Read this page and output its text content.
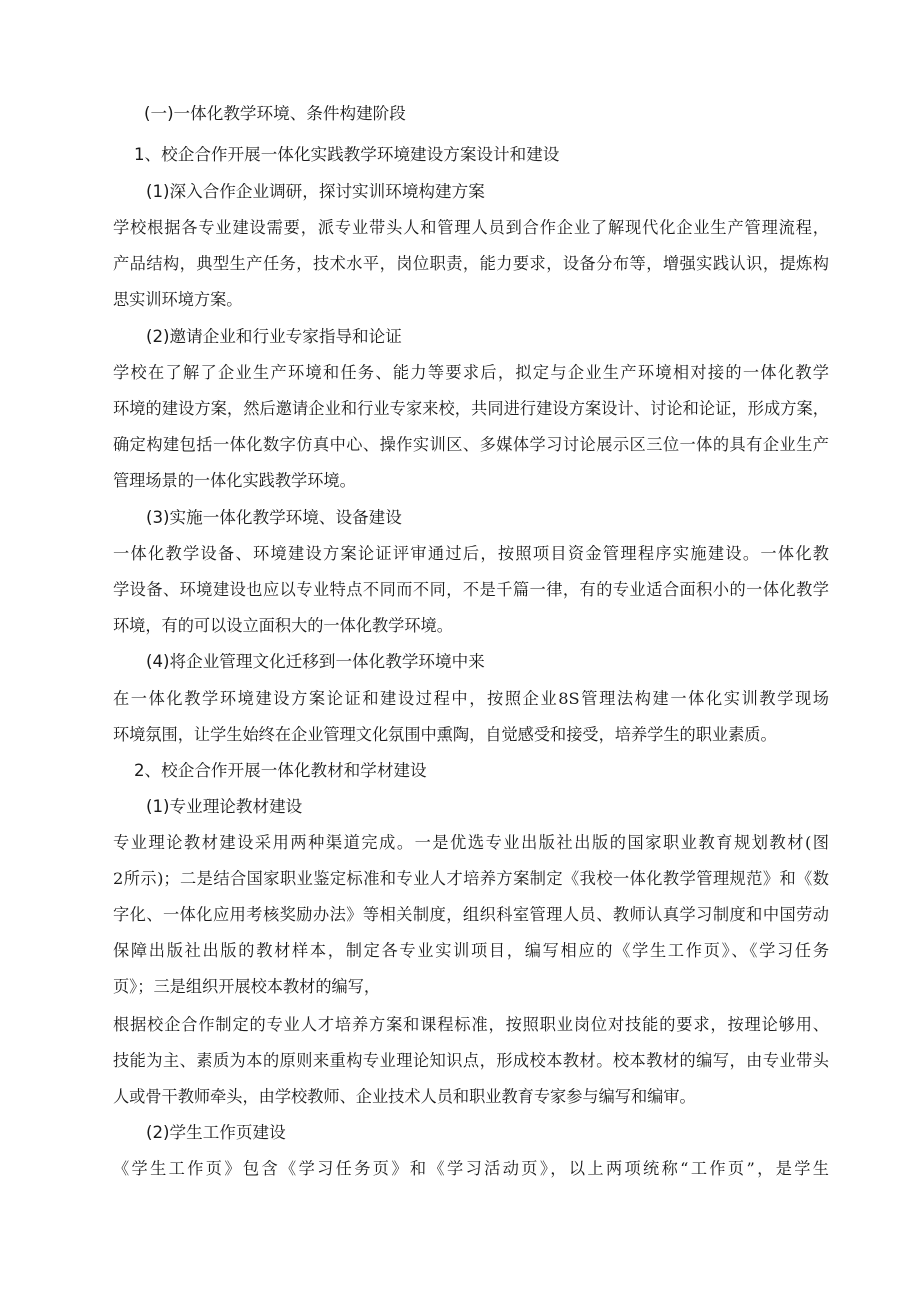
(一)一体化教学环境、条件构建阶段
1、校企合作开展一体化实践教学环境建设方案设计和建设
(1)深入合作企业调研，探讨实训环境构建方案
学校根据各专业建设需要，派专业带头人和管理人员到合作企业了解现代化企业生产管理流程，
产品结构，典型生产任务，技术水平，岗位职责，能力要求，设备分布等，增强实践认识，提炼构
思实训环境方案。
(2)邀请企业和行业专家指导和论证
学校在了解了企业生产环境和任务、能力等要求后，拟定与企业生产环境相对接的一体化教学
环境的建设方案，然后邀请企业和行业专家来校，共同进行建设方案设计、讨论和论证，形成方案，
确定构建包括一体化数字仿真中心、操作实训区、多媒体学习讨论展示区三位一体的具有企业生产
管理场景的一体化实践教学环境。
(3)实施一体化教学环境、设备建设
一体化教学设备、环境建设方案论证评审通过后，按照项目资金管理程序实施建设。一体化教
学设备、环境建设也应以专业特点不同而不同，不是千篇一律，有的专业适合面积小的一体化教学
环境，有的可以设立面积大的一体化教学环境。
(4)将企业管理文化迁移到一体化教学环境中来
在一体化教学环境建设方案论证和建设过程中，按照企业8S管理法构建一体化实训教学现场
环境氛围，让学生始终在企业管理文化氛围中熏陶，自觉感受和接受，培养学生的职业素质。
2、校企合作开展一体化教材和学材建设
(1)专业理论教材建设
专业理论教材建设采用两种渠道完成。一是优选专业出版社出版的国家职业教育规划教材(图
2所示)；二是结合国家职业鉴定标准和专业人才培养方案制定《我校一体化教学管理规范》和《数
字化、一体化应用考核奖励办法》等相关制度，组织科室管理人员、教师认真学习制度和中国劳动
保障出版社出版的教材样本，制定各专业实训项目，编写相应的《学生工作页》、《学习任务
页》；三是组织开展校本教材的编写，
根据校企合作制定的专业人才培养方案和课程标准，按照职业岗位对技能的要求，按理论够用、
技能为主、素质为本的原则来重构专业理论知识点，形成校本教材。校本教材的编写，由专业带头
人或骨干教师牵头，由学校教师、企业技术人员和职业教育专家参与编写和编审。
(2)学生工作页建设
《学生工作页》包含《学习任务页》和《学习活动页》，以上两项统称“工作页”，是学生
